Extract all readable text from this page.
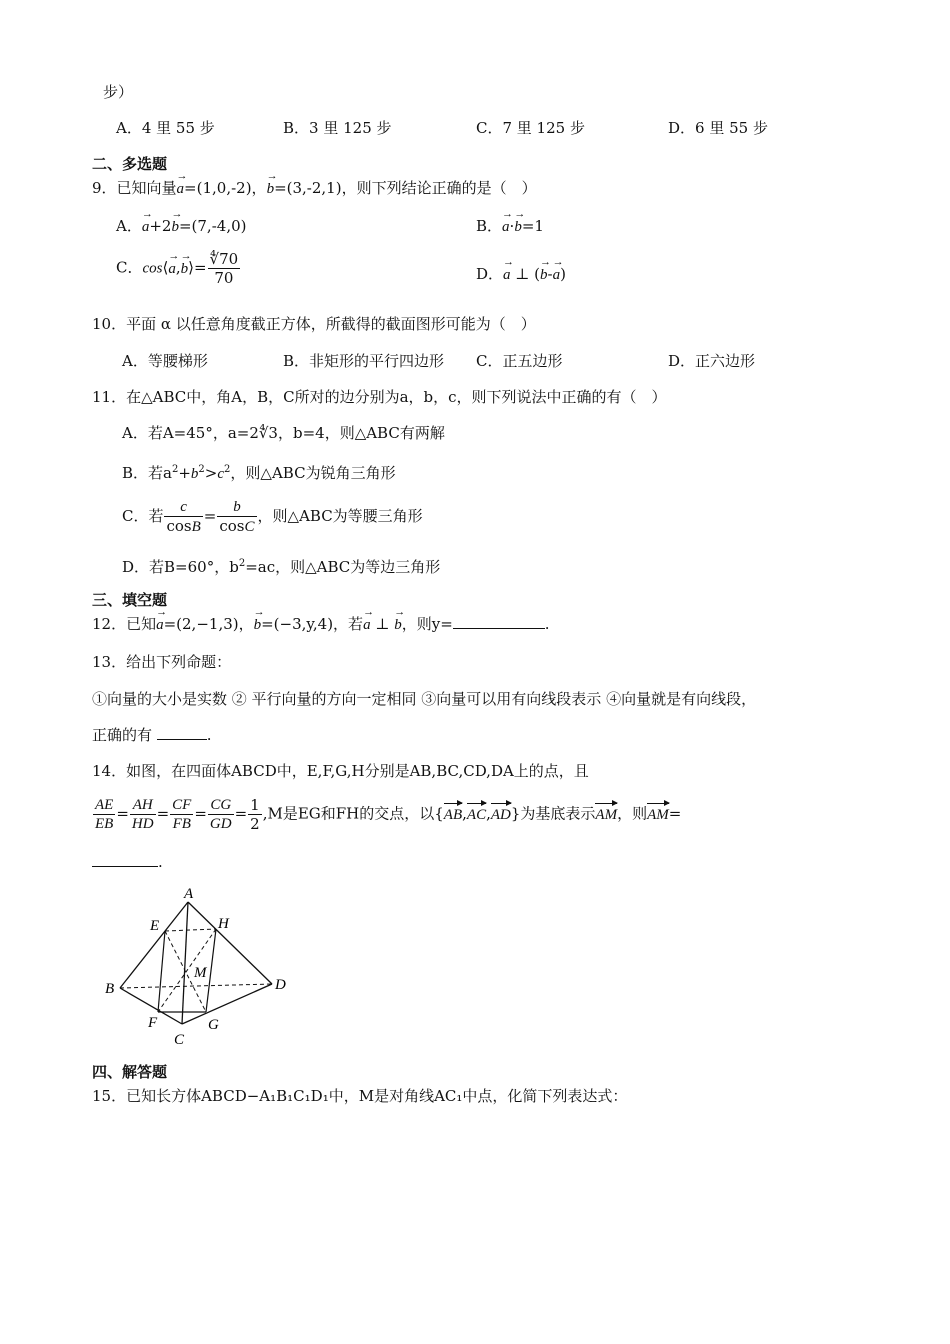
步）
A．4 里 55 步	B．3 里 125 步	C．7 里 125 步	D．6 里 55 步
二、多选题
9．已知向量→ a=(1,0,-2)，→ b=(3,-2,1)，则下列结论正确的是（　）
A．→ a+2→ b=(7,-4,0)	B．→ a·→ b=1
C．cos⟨→ a,→ b⟩= $\frac{∜70}{70}$	D．→ a ⊥ (→ b-→ a)
10．平面 α 以任意角度截正方体，所截得的截面图形可能为（　）
A．等腰梯形	B．非矩形的平行四边形 C．正五边形	D．正六边形
11．在△ABC中，角A，B，C所对的边分别为a，b，c，则下列说法中正确的有（　）
A．若A=45°，a=2∜3，b=4，则△ABC有两解
B．若$a^2+b^2>c^2$，则△ABC为锐角三角形
C．若 $\frac{c}{\cos B} = \frac{b}{\cos C}$ ，则△ABC为等腰三角形
D．若B=60°，$b^2=ac$，则△ABC为等边三角形
三、填空题
12．已知→ a=(2,−1,3)，→ b=(−3,y,4)，若→ a ⊥ → b，则y=	.
13．给出下列命题：
①向量的大小是实数 ② 平行向量的方向一定相同 ③向量可以用有向线段表示 ④向量就是有向线段，
正确的有	.
14．如图，在四面体ABCD中，E,F,G,H分别是AB,BC,CD,DA上的点，且
$\frac{AE}{EB} = \frac{AH}{HD} = \frac{CF}{FB} = \frac{CG}{GD} = \frac{1}{2} ,M$是EG和FH的交点，以{AB,AC,AD}为基底表示AM，则AM=
.
A
B
C
D
E
F	G
H
M
四、解答题
15．已知长方体ABCD−A₁B₁C₁D₁中，M是对角线AC₁中点，化简下列表达式：
